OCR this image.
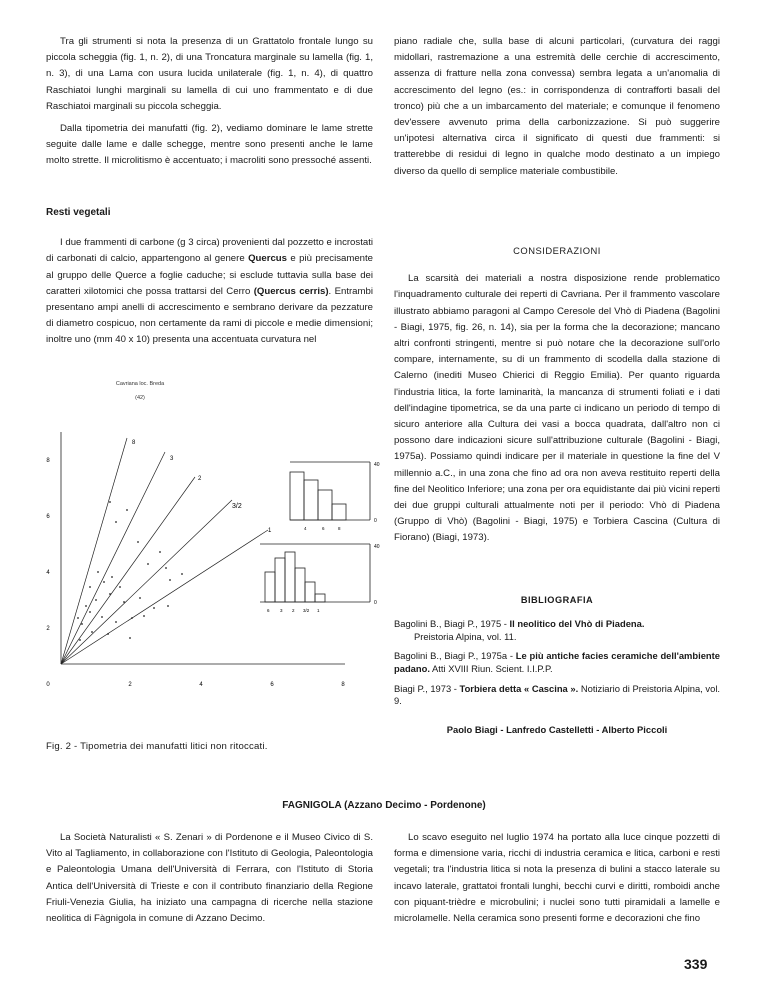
Tra gli strumenti si nota la presenza di un Grattatolo frontale lungo su piccola scheggia (fig. 1, n. 2), di una Troncatura marginale su lamella (fig. 1, n. 3), di una Lama con usura lucida unilaterale (fig. 1, n. 4), di quattro Raschiatoi lunghi marginali su lamella di cui uno frammentato e di due Raschiatoi marginali su piccola scheggia.

Dalla tipometria dei manufatti (fig. 2), vediamo dominare le lame strette seguite dalle lame e dalle schegge, mentre sono presenti anche le lame molto strette. Il microlitismo è accentuato; i macroliti sono pressoché assenti.

Resti vegetali

I due frammenti di carbone (g 3 circa) provenienti dal pozzetto e incrostati di carbonati di calcio, appartengono al genere Quercus e più precisamente al gruppo delle Querce a foglie caduche; si esclude tuttavia sulla base dei caratteri xilotomici che possa trattarsi del Cerro (Quercus cerris). Entrambi presentano ampi anelli di accrescimento e sembrano derivare da pezzature di diametro cospicuo, non certamente da rami di piccole e medie dimensioni; inoltre uno (mm 40 x 10) presenta una accentuata curvatura nel

Cavriana loc. Breda
(42)
8
6
4
2
0	2	4	6	8
8
3
2
3/2
1
40
0
4	6	8
40
0
6 3 2 3/2 1
Fig. 2 - Tipometria dei manufatti litici non ritoccati.

piano radiale che, sulla base di alcuni particolari, (curvatura dei raggi midollari, rastremazione a una estremità delle cerchie di accrescimento, assenza di fratture nella zona convessa) sembra legata a un'anomalia di accrescimento del legno (es.: in corrispondenza di contrafforti basali del tronco) più che a un imbarcamento del materiale; e comunque il fenomeno dev'essere avvenuto prima della carbonizzazione. Si può suggerire un'ipotesi alternativa circa il significato di questi due frammenti: si tratterebbe di residui di legno in qualche modo destinato a un impiego diverso da quello di semplice materiale combustibile.

CONSIDERAZIONI

La scarsità dei materiali a nostra disposizione rende problematico l'inquadramento culturale dei reperti di Cavriana. Per il frammento vascolare illustrato abbiamo paragoni al Campo Ceresole del Vhò di Piadena (Bagolini - Biagi, 1975, fig. 26, n. 14), sia per la forma che la decorazione; mancano altri confronti stringenti, mentre si può notare che la decorazione sull'orlo compare, internamente, su di un frammento di scodella dalla stazione di Calerno (inediti Museo Chierici di Reggio Emilia). Per quanto riguarda l'industria litica, la forte laminarità, la mancanza di strumenti foliati e i dati dell'indagine tipometrica, se da una parte ci indicano un periodo di tempo di sicuro anteriore alla Cultura dei vasi a bocca quadrata, dall'altro non ci possono dare indicazioni sicure sull'attribuzione culturale (Bagolini - Biagi, 1975a). Possiamo quindi indicare per il materiale in questione la fine del V millennio a.C., in una zona che fino ad ora non aveva restituito reperti della fine del Neolitico Inferiore; una zona per ora equidistante dai più vicini reperti dei due gruppi culturali attualmente noti per il periodo: Vhò di Piadena (Gruppo di Vhò) (Bagolini - Biagi, 1975) e Torbiera Cascina (Cultura di Fiorano) (Biagi, 1973).

BIBLIOGRAFIA
Bagolini B., Biagi P., 1975 - Il neolitico del Vhò di Piadena.
Preistoria Alpina, vol. 11.
Bagolini B., Biagi P., 1975a - Le più antiche facies ceramiche dell'ambiente padano. Atti XVIII Riun. Scient. I.I.P.P.
Biagi P., 1973 - Torbiera detta « Cascina ». Notiziario di Preistoria Alpina, vol. 9.
Paolo Biagi - Lanfredo Castelletti - Alberto Piccoli
FAGNIGOLA (Azzano Decimo - Pordenone)

La Società Naturalisti « S. Zenari » di Pordenone e il Museo Civico di S. Vito al Tagliamento, in collaborazione con l'Istituto di Geologia, Paleontologia e Paleontologia Umana dell'Università di Ferrara, con l'Istituto di Storia Antica dell'Università di Trieste e con il contributo finanziario della Regione Friuli-Venezia Giulia, ha iniziato una campagna di ricerche nella stazione neolitica di Fàgnigola in comune di Azzano Decimo.

Lo scavo eseguito nel luglio 1974 ha portato alla luce cinque pozzetti di forma e dimensione varia, ricchi di industria ceramica e litica, carboni e resti vegetali; tra l'industria litica si nota la presenza di bulini a stacco laterale su incavo laterale, grattatoi frontali lunghi, becchi curvi e diritti, romboidi anche con piquant-trièdre e microbulini; i nuclei sono tutti piramidali a lamelle e microlamelle. Nella ceramica sono presenti forme e decorazioni che fino

339
